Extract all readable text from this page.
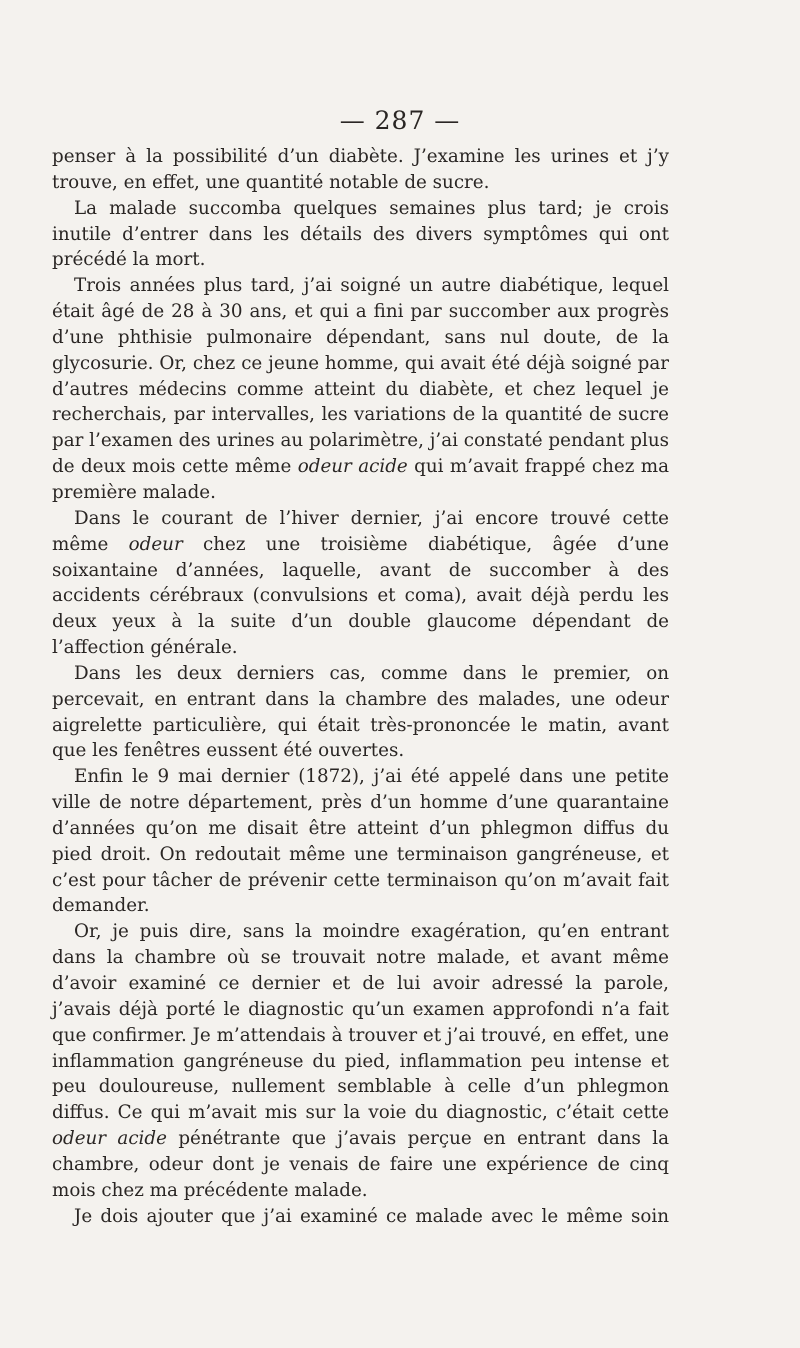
— 287 —

penser à la possibilité d’un diabète. J’examine les urines et j’y trouve, en effet, une quantité notable de sucre.

La malade succomba quelques semaines plus tard; je crois inutile d’entrer dans les détails des divers symptômes qui ont précédé la mort.

Trois années plus tard, j’ai soigné un autre diabétique, lequel était âgé de 28 à 30 ans, et qui a fini par succomber aux progrès d’une phthisie pulmonaire dépendant, sans nul doute, de la glycosurie. Or, chez ce jeune homme, qui avait été déjà soigné par d’autres médecins comme atteint du diabète, et chez lequel je recherchais, par intervalles, les variations de la quantité de sucre par l’examen des urines au polarimètre, j’ai constaté pendant plus de deux mois cette même odeur acide qui m’avait frappé chez ma première malade.

Dans le courant de l’hiver dernier, j’ai encore trouvé cette même odeur chez une troisième diabétique, âgée d’une soixantaine d’années, laquelle, avant de succomber à des accidents cérébraux (convulsions et coma), avait déjà perdu les deux yeux à la suite d’un double glaucome dépendant de l’affection générale.

Dans les deux derniers cas, comme dans le premier, on percevait, en entrant dans la chambre des malades, une odeur aigrelette particulière, qui était très-prononcée le matin, avant que les fenêtres eussent été ouvertes.

Enfin le 9 mai dernier (1872), j’ai été appelé dans une petite ville de notre département, près d’un homme d’une quarantaine d’années qu’on me disait être atteint d’un phlegmon diffus du pied droit. On redoutait même une terminaison gangréneuse, et c’est pour tâcher de prévenir cette terminaison qu’on m’avait fait demander.

Or, je puis dire, sans la moindre exagération, qu’en entrant dans la chambre où se trouvait notre malade, et avant même d’avoir examiné ce dernier et de lui avoir adressé la parole, j’avais déjà porté le diagnostic qu’un examen approfondi n’a fait que confirmer. Je m’attendais à trouver et j’ai trouvé, en effet, une inflammation gangréneuse du pied, inflammation peu intense et peu douloureuse, nullement semblable à celle d’un phlegmon diffus. Ce qui m’avait mis sur la voie du diagnostic, c’était cette odeur acide pénétrante que j’avais perçue en entrant dans la chambre, odeur dont je venais de faire une expérience de cinq mois chez ma précédente malade.

Je dois ajouter que j’ai examiné ce malade avec le même soin
